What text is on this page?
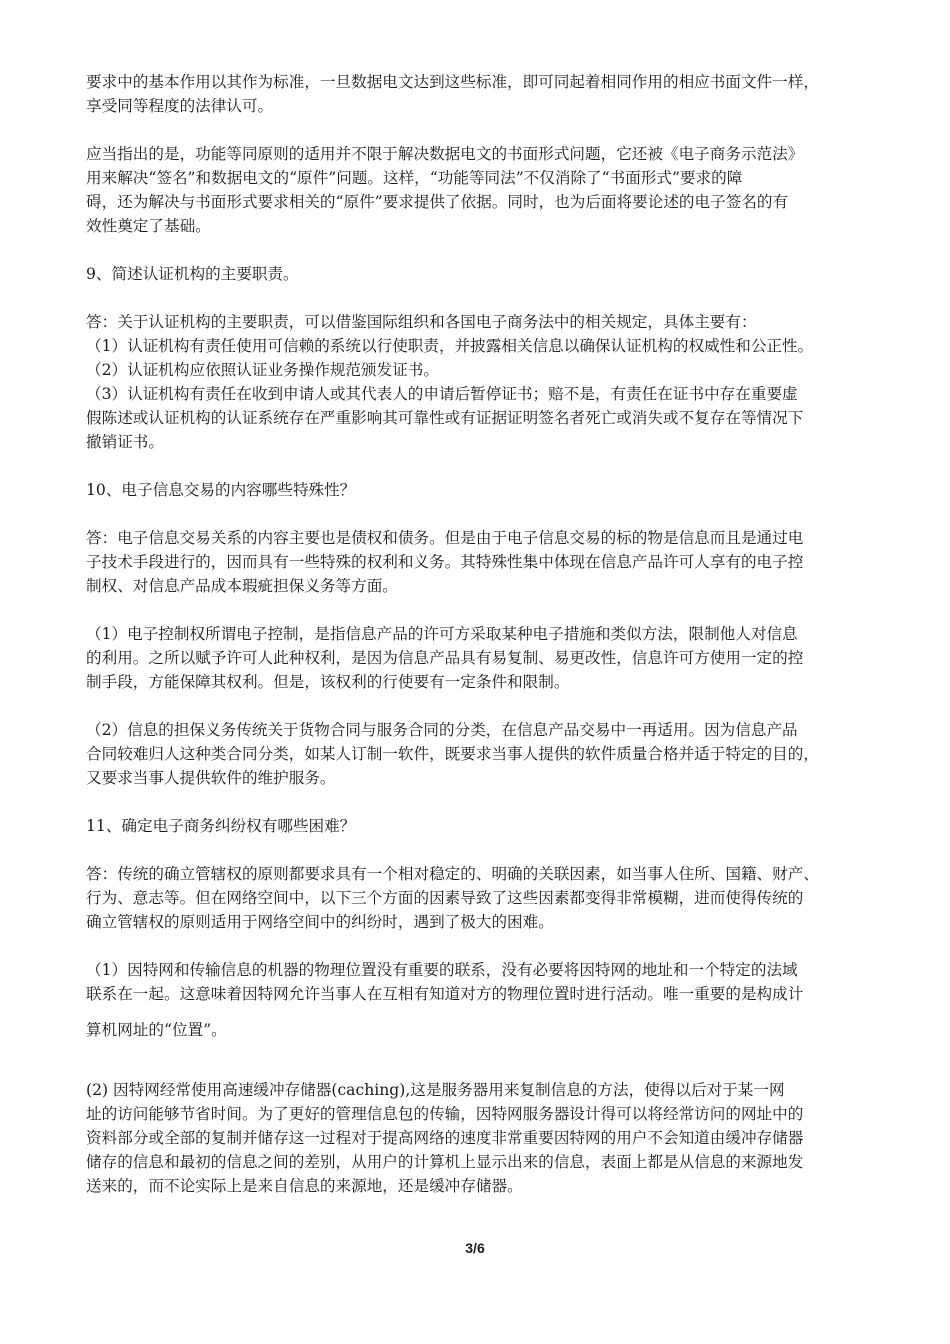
要求中的基本作用以其作为标准，一旦数据电文达到这些标准，即可同起着相同作用的相应书面文件一样，
享受同等程度的法律认可。
应当指出的是，功能等同原则的适用并不限于解决数据电文的书面形式问题，它还被《电子商务示范法》
用来解决“签名”和数据电文的“原件”问题。这样，“功能等同法”不仅消除了“书面形式”要求的障
碍，还为解决与书面形式要求相关的“原件”要求提供了依据。同时，也为后面将要论述的电子签名的有
效性奠定了基础。
9、简述认证机构的主要职责。
答：关于认证机构的主要职责，可以借鉴国际组织和各国电子商务法中的相关规定，具体主要有：
（1）认证机构有责任使用可信赖的系统以行使职责，并披露相关信息以确保认证机构的权威性和公正性。
（2）认证机构应依照认证业务操作规范颁发证书。
（3）认证机构有责任在收到申请人或其代表人的申请后暂停证书；赔不是，有责任在证书中存在重要虚
假陈述或认证机构的认证系统存在严重影响其可靠性或有证据证明签名者死亡或消失或不复存在等情况下
撤销证书。
10、电子信息交易的内容哪些特殊性？
答：电子信息交易关系的内容主要也是债权和债务。但是由于电子信息交易的标的物是信息而且是通过电
子技术手段进行的，因而具有一些特殊的权利和义务。其特殊性集中体现在信息产品许可人享有的电子控
制权、对信息产品成本瑕疵担保义务等方面。
（1）电子控制权所谓电子控制，是指信息产品的许可方采取某种电子措施和类似方法，限制他人对信息
的利用。之所以赋予许可人此种权利，是因为信息产品具有易复制、易更改性，信息许可方使用一定的控
制手段，方能保障其权利。但是，该权利的行使要有一定条件和限制。
（2）信息的担保义务传统关于货物合同与服务合同的分类，在信息产品交易中一再适用。因为信息产品
合同较难归人这种类合同分类，如某人订制一软件，既要求当事人提供的软件质量合格并适于特定的目的，
又要求当事人提供软件的维护服务。
11、确定电子商务纠纷权有哪些困难？
答：传统的确立管辖权的原则都要求具有一个相对稳定的、明确的关联因素，如当事人住所、国籍、财产、
行为、意志等。但在网络空间中，以下三个方面的因素导致了这些因素都变得非常模糊，进而使得传统的
确立管辖权的原则适用于网络空间中的纠纷时，遇到了极大的困难。
（1）因特网和传输信息的机器的物理位置没有重要的联系，没有必要将因特网的地址和一个特定的法域
联系在一起。这意味着因特网允许当事人在互相有知道对方的物理位置时进行活动。唯一重要的是构成计
算机网址的“位置”。
(2) 因特网经常使用高速缓冲存储器(caching),这是服务器用来复制信息的方法，使得以后对于某一网
址的访问能够节省时间。为了更好的管理信息包的传输，因特网服务器设计得可以将经常访问的网址中的
资料部分或全部的复制并储存这一过程对于提高网络的速度非常重要因特网的用户不会知道由缓冲存储器
储存的信息和最初的信息之间的差别，从用户的计算机上显示出来的信息，表面上都是从信息的来源地发
送来的，而不论实际上是来自信息的来源地，还是缓冲存储器。
3/6
